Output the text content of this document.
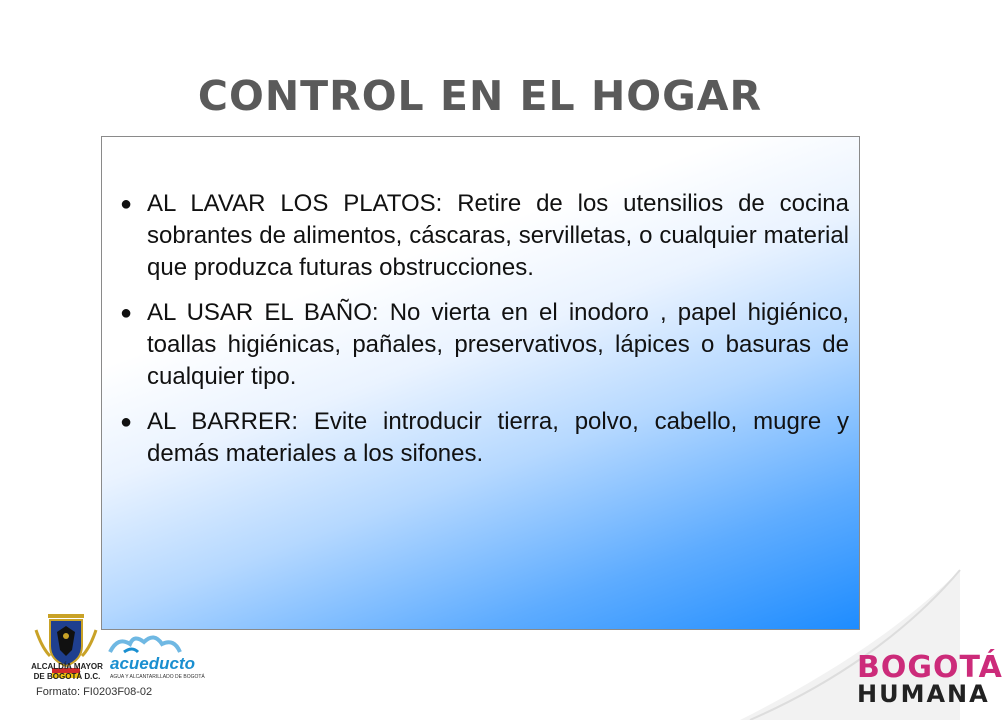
CONTROL EN EL HOGAR
● AL LAVAR LOS PLATOS: Retire de los utensilios de cocina sobrantes de alimentos, cáscaras, servilletas, o cualquier material que produzca futuras obstrucciones.
● AL USAR EL BAÑO: No vierta en el inodoro , papel higiénico, toallas higiénicas, pañales, preservativos, lápices o basuras de cualquier tipo.
● AL BARRER: Evite introducir tierra, polvo, cabello, mugre y demás materiales a los sifones.
ALCALDÍA MAYOR
DE BOGOTÁ D.C.
acueducto
AGUA Y ALCANTARILLADO DE BOGOTÁ
Formato: FI0203F08-02
BOGOTÁ
HUMANA
